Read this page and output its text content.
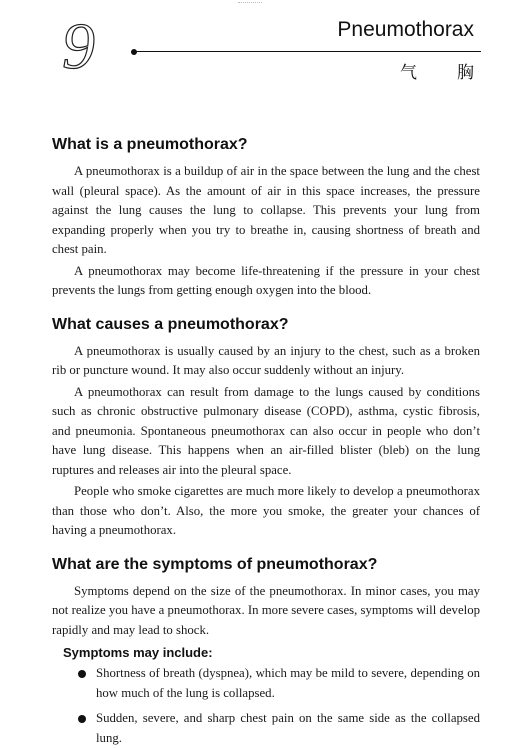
9	Pneumothorax
气胸
What is a pneumothorax?

A pneumothorax is a buildup of air in the space between the lung and the chest wall (pleural space). As the amount of air in this space increases, the pressure against the lung causes the lung to collapse. This prevents your lung from expanding properly when you try to breathe in, causing shortness of breath and chest pain.

A pneumothorax may become life-threatening if the pressure in your chest prevents the lungs from getting enough oxygen into the blood.

What causes a pneumothorax?

A pneumothorax is usually caused by an injury to the chest, such as a broken rib or puncture wound. It may also occur suddenly without an injury.

A pneumothorax can result from damage to the lungs caused by conditions such as chronic obstructive pulmonary disease (COPD), asthma, cystic fibrosis, and pneumonia. Spontaneous pneumothorax can also occur in people who don’t have lung disease. This happens when an air-filled blister (bleb) on the lung ruptures and releases air into the pleural space.

People who smoke cigarettes are much more likely to develop a pneumothorax than those who don’t. Also, the more you smoke, the greater your chances of having a pneumothorax.

What are the symptoms of pneumothorax?

Symptoms depend on the size of the pneumothorax. In minor cases, you may not realize you have a pneumothorax. In more severe cases, symptoms will develop rapidly and may lead to shock.

Symptoms may include:
Shortness of breath (dyspnea), which may be mild to severe, depending on how much of the lung is collapsed.
Sudden, severe, and sharp chest pain on the same side as the collapsed lung.
